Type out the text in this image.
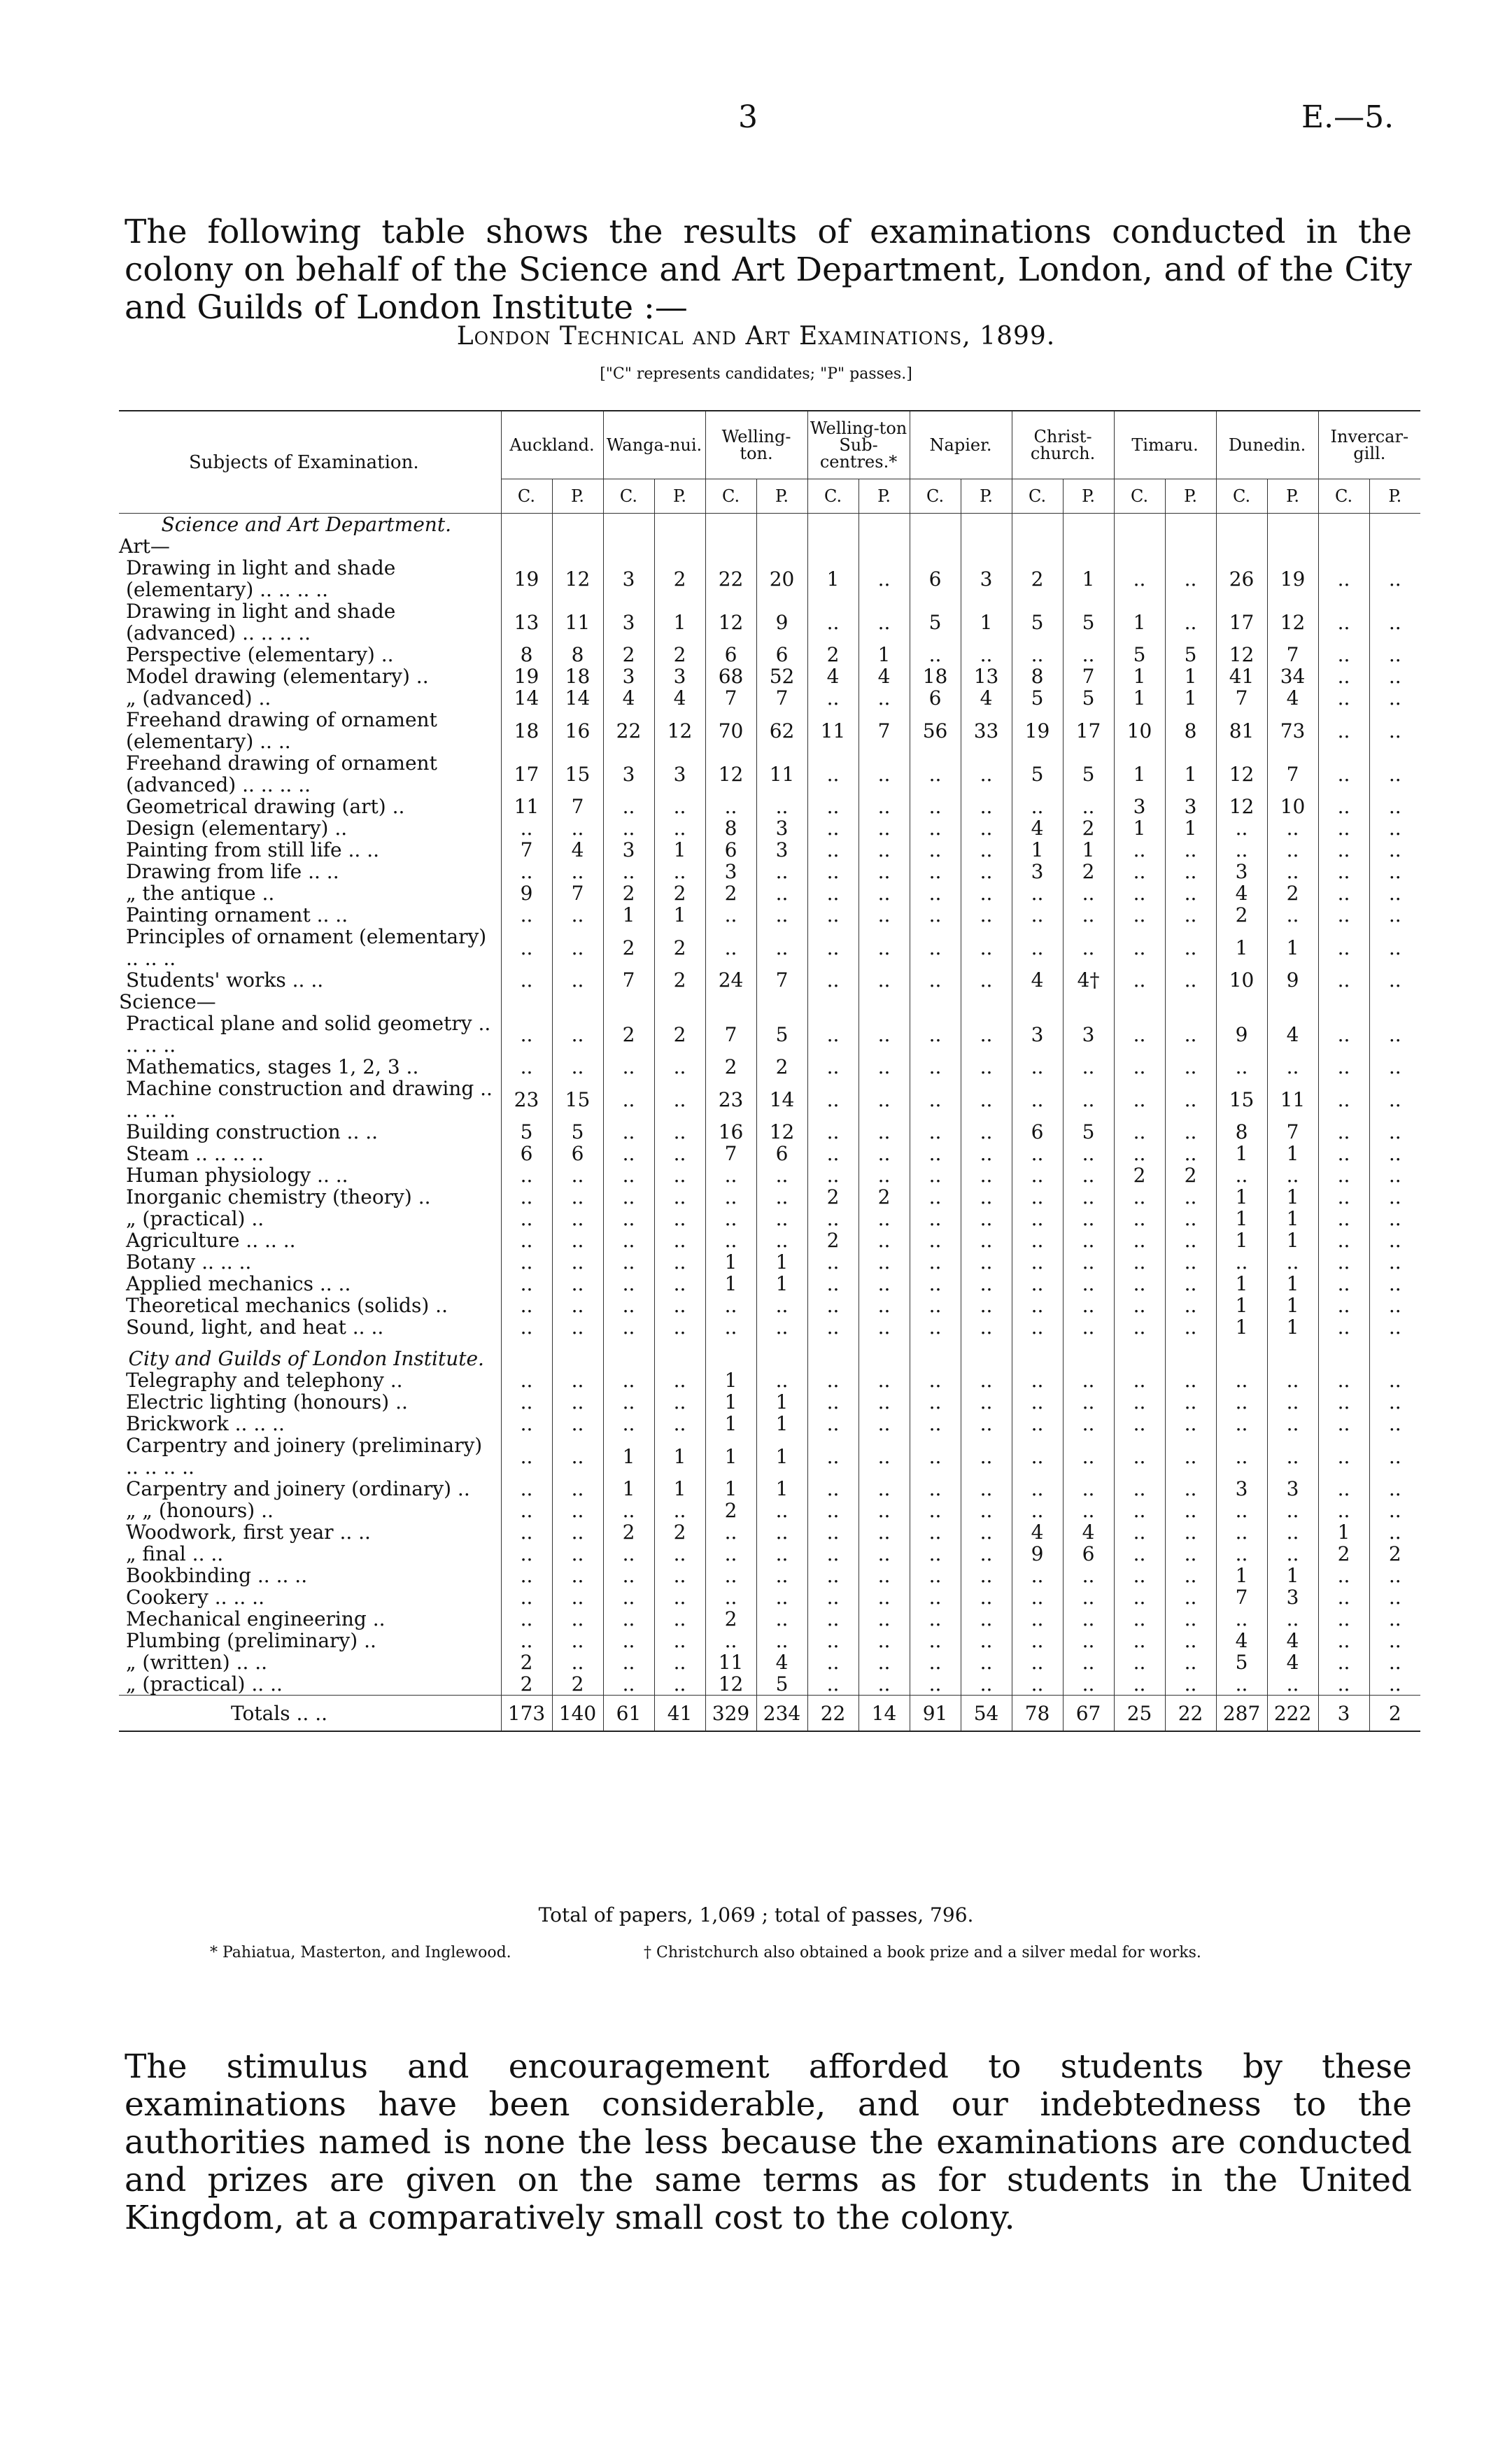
3	E.—5.

The following table shows the results of examinations conducted in the colony on behalf of the Science and Art Department, London, and of the City and Guilds of London Institute :—

London Technical and Art Examinations, 1899.
["C" represents candidates; "P" passes.]
Subjects of Examination.	Auckland.		Wanga-nui.		Welling-ton.		Welling-ton Sub-centres.*		Napier.		Christ-church.		Timaru.		Dunedin.		Invercar-gill.	
	C.	P.	C.	P.	C.	P.	C.	P.	C.	P.	C.	P.	C.	P.	C.	P.	C.	P.
Science and Art Department.																		
Art—																		
Drawing in light and shade (elementary) .. .. .. ..	19	12	3	2	22	20	1	..	6	3	2	1	..	..	26	19	..	..
Drawing in light and shade (advanced) .. .. .. ..	13	11	3	1	12	9	..	..	5	1	5	5	1	..	17	12	..	..
Perspective (elementary) ..	8	8	2	2	6	6	2	1	..	..	..	..	5	5	12	7	..	..
Model drawing (elementary) ..	19	18	3	3	68	52	4	4	18	13	8	7	1	1	41	34	..	..
„ (advanced) ..	14	14	4	4	7	7	..	..	6	4	5	5	1	1	7	4	..	..
Freehand drawing of ornament (elementary) .. ..	18	16	22	12	70	62	11	7	56	33	19	17	10	8	81	73	..	..
Freehand drawing of ornament (advanced) .. .. .. ..	17	15	3	3	12	11	..	..	..	..	5	5	1	1	12	7	..	..
Geometrical drawing (art) ..	11	7	..	..	..	..	..	..	..	..	..	..	3	3	12	10	..	..
Design (elementary) ..	..	..	..	..	8	3	..	..	..	..	4	2	1	1	..	..	..	..
Painting from still life .. ..	7	4	3	1	6	3	..	..	..	..	1	1	..	..	..	..	..	..
Drawing from life .. ..	..	..	..	..	3	..	..	..	..	..	3	2	..	..	3	..	..	..
„ the antique ..	9	7	2	2	2	..	..	..	..	..	..	..	..	..	4	2	..	..
Painting ornament .. ..	..	..	1	1	..	..	..	..	..	..	..	..	..	..	2	..	..	..
Principles of ornament (elementary) .. .. ..	..	..	2	2	..	..	..	..	..	..	..	..	..	..	1	1	..	..
Students' works .. ..	..	..	7	2	24	7	..	..	..	..	4	4†	..	..	10	9	..	..
Science—																		
Practical plane and solid geometry .. .. .. ..	..	..	2	2	7	5	..	..	..	..	3	3	..	..	9	4	..	..
Mathematics, stages 1, 2, 3 ..	..	..	..	..	2	2	..	..	..	..	..	..	..	..	..	..	..	..
Machine construction and drawing .. .. .. ..	23	15	..	..	23	14	..	..	..	..	..	..	..	..	15	11	..	..
Building construction .. ..	5	5	..	..	16	12	..	..	..	..	6	5	..	..	8	7	..	..
Steam .. .. .. ..	6	6	..	..	7	6	..	..	..	..	..	..	..	..	1	1	..	..
Human physiology .. ..	..	..	..	..	..	..	..	..	..	..	..	..	2	2	..	..	..	..
Inorganic chemistry (theory) ..	..	..	..	..	..	..	2	2	..	..	..	..	..	..	1	1	..	..
„ (practical) ..	..	..	..	..	..	..	..	..	..	..	..	..	..	..	1	1	..	..
Agriculture .. .. ..	..	..	..	..	..	..	2	..	..	..	..	..	..	..	1	1	..	..
Botany .. .. ..	..	..	..	..	1	1	..	..	..	..	..	..	..	..	..	..	..	..
Applied mechanics .. ..	..	..	..	..	1	1	..	..	..	..	..	..	..	..	1	1	..	..
Theoretical mechanics (solids) ..	..	..	..	..	..	..	..	..	..	..	..	..	..	..	1	1	..	..
Sound, light, and heat .. ..	..	..	..	..	..	..	..	..	..	..	..	..	..	..	1	1	..	..

City and Guilds of London Institute.																		
Telegraphy and telephony ..	..	..	..	..	1	..	..	..	..	..	..	..	..	..	..	..	..	..
Electric lighting (honours) ..	..	..	..	..	1	1	..	..	..	..	..	..	..	..	..	..	..	..
Brickwork .. .. ..	..	..	..	..	1	1	..	..	..	..	..	..	..	..	..	..	..	..
Carpentry and joinery (preliminary) .. .. .. ..	..	..	1	1	1	1	..	..	..	..	..	..	..	..	..	..	..	..
Carpentry and joinery (ordinary) ..	..	..	1	1	1	1	..	..	..	..	..	..	..	..	3	3	..	..
„ „ (honours) ..	..	..	..	..	2	..	..	..	..	..	..	..	..	..	..	..	..	..
Woodwork, first year .. ..	..	..	2	2	..	..	..	..	..	..	4	4	..	..	..	..	1	..
„ final .. ..	..	..	..	..	..	..	..	..	..	..	9	6	..	..	..	..	2	2
Bookbinding .. .. ..	..	..	..	..	..	..	..	..	..	..	..	..	..	..	1	1	..	..
Cookery .. .. ..	..	..	..	..	..	..	..	..	..	..	..	..	..	..	7	3	..	..
Mechanical engineering ..	..	..	..	..	2	..	..	..	..	..	..	..	..	..	..	..	..	..
Plumbing (preliminary) ..	..	..	..	..	..	..	..	..	..	..	..	..	..	..	4	4	..	..
„ (written) .. ..	2	..	..	..	11	4	..	..	..	..	..	..	..	..	5	4	..	..
„ (practical) .. ..	2	2	..	..	12	5	..	..	..	..	..	..	..	..	..	..	..	..
Totals .. ..	173	140	61	41	329	234	22	14	91	54	78	67	25	22	287	222	3	2
Total of papers, 1,069 ; total of passes, 796.
* Pahiatua, Masterton, and Inglewood.	† Christchurch also obtained a book prize and a silver medal for works.

The stimulus and encouragement afforded to students by these examinations have been considerable, and our indebtedness to the authorities named is none the less because the examinations are conducted and prizes are given on the same terms as for students in the United Kingdom, at a comparatively small cost to the colony.
